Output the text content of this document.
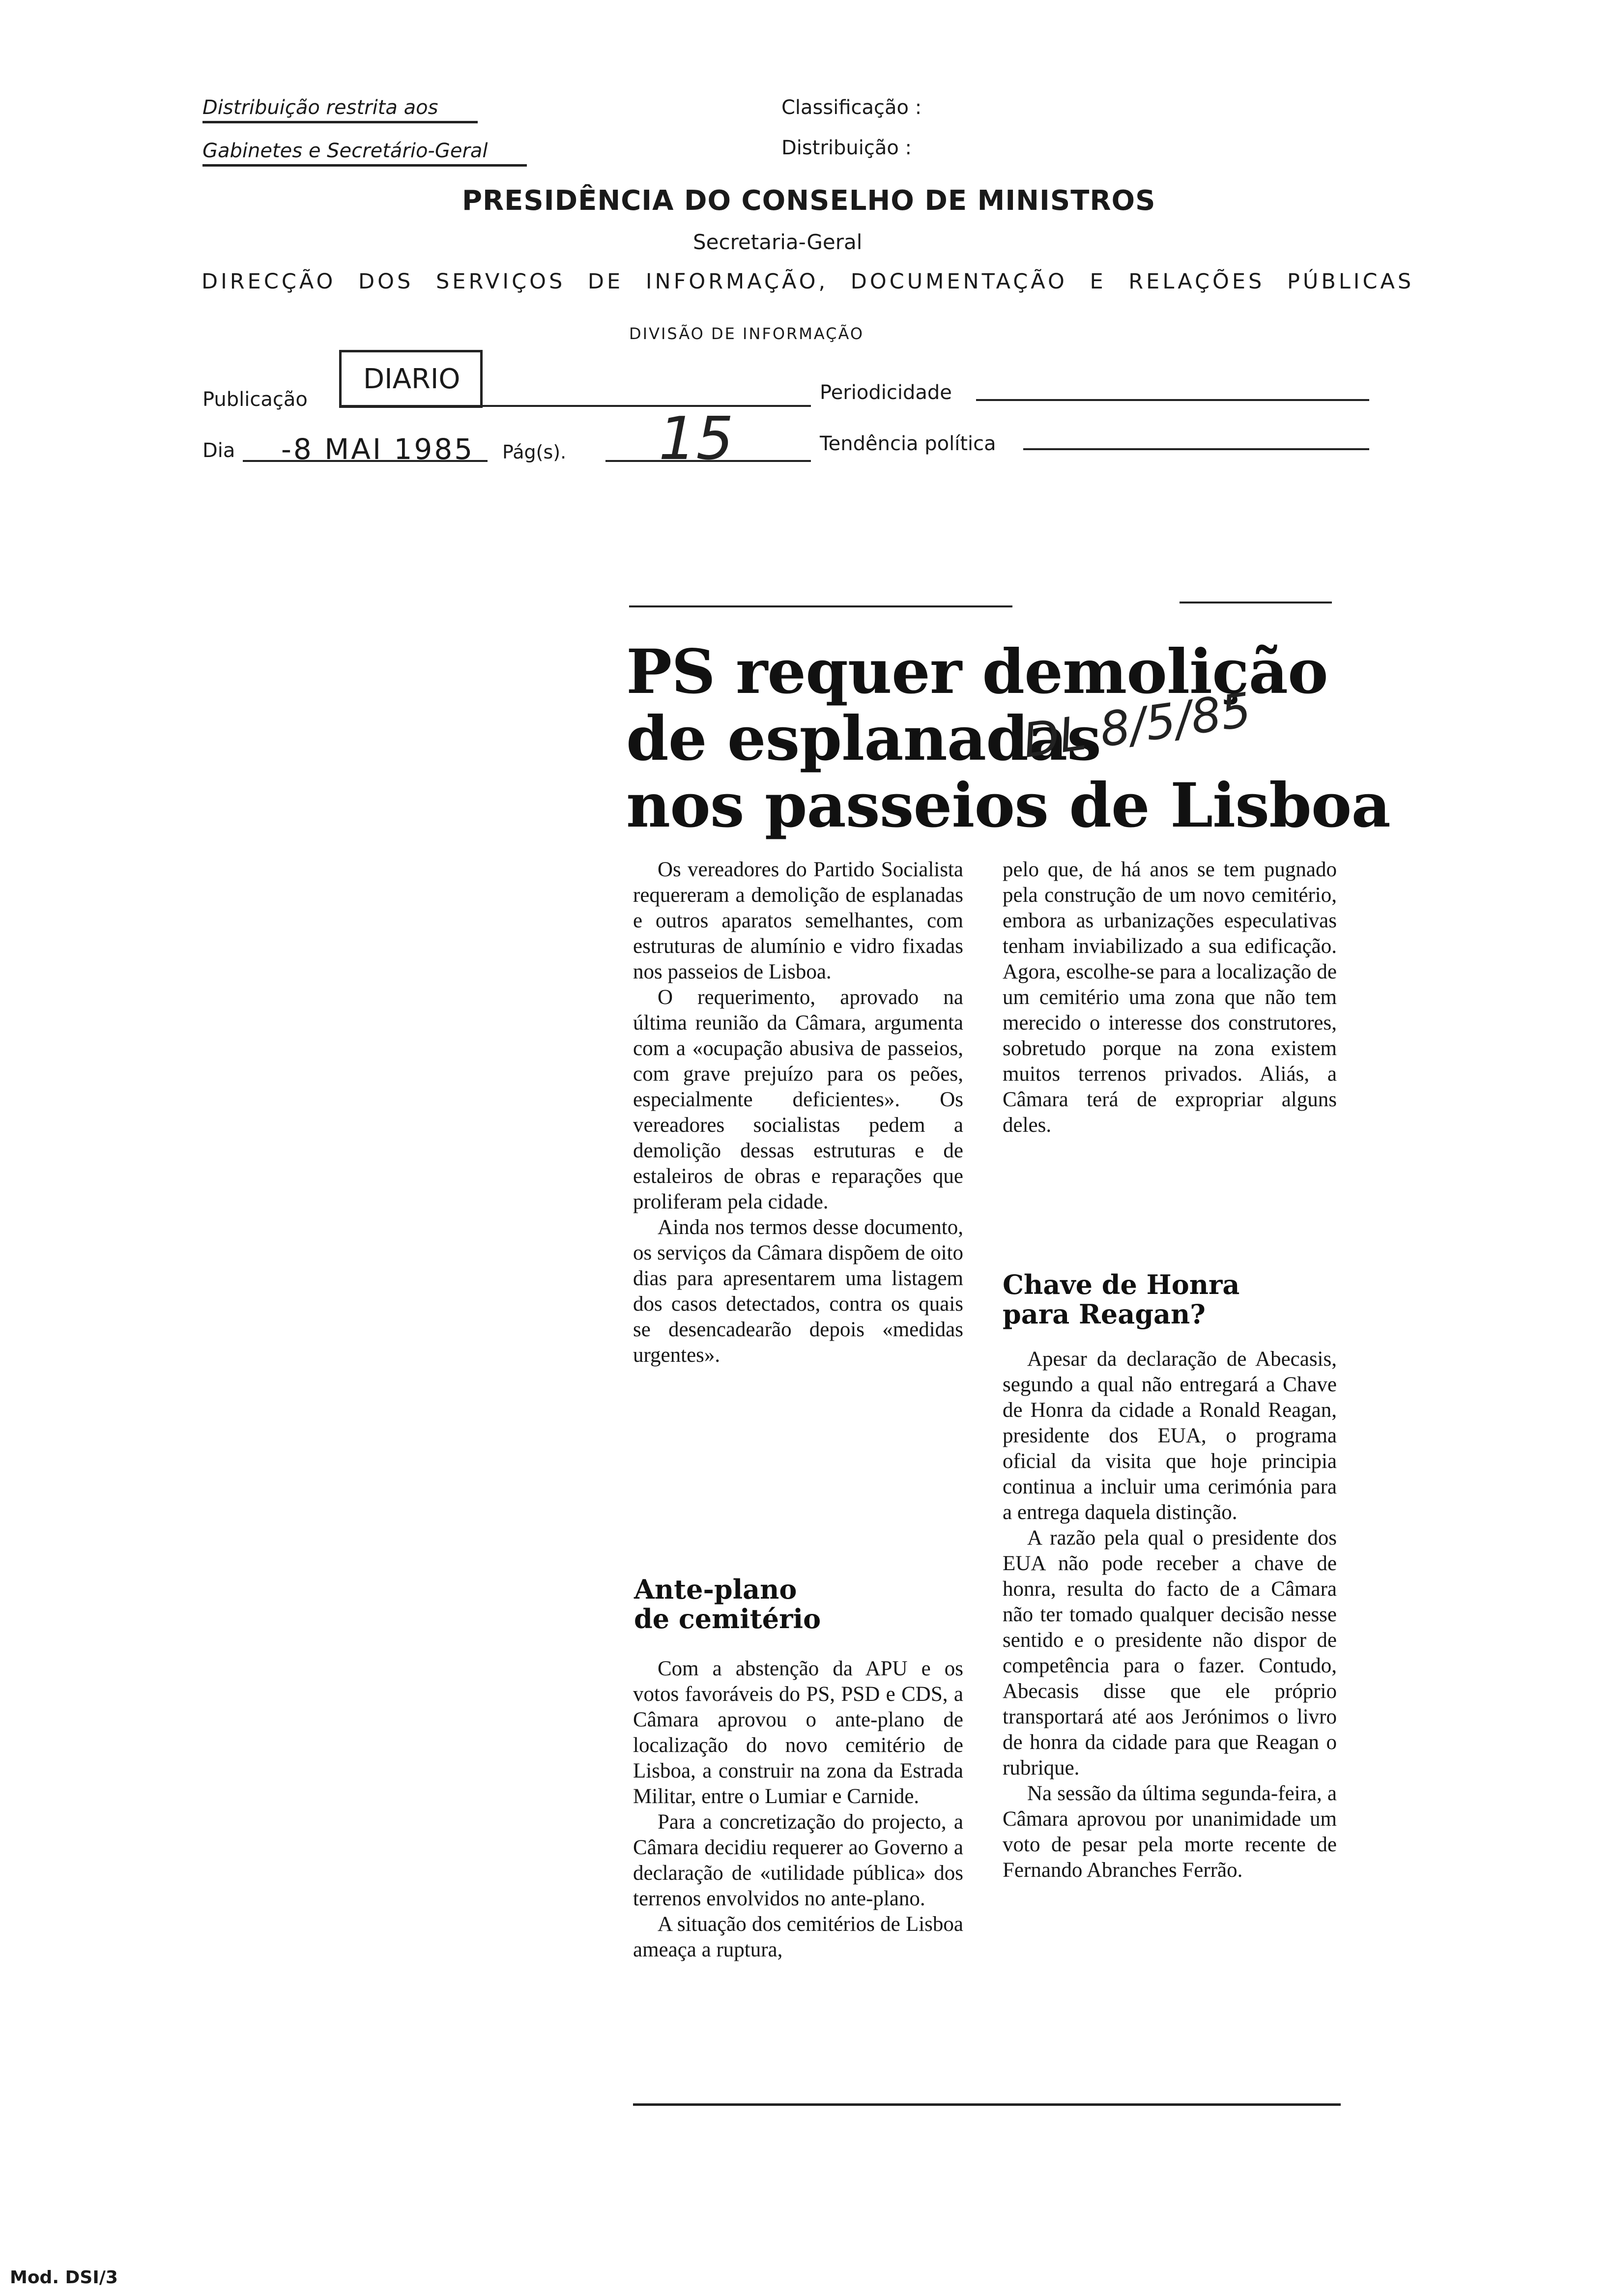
Distribuição restrita aos
Gabinetes e Secretário-Geral
Classificação :
Distribuição :
PRESIDÊNCIA DO CONSELHO DE MINISTROS
Secretaria-Geral
DIRECÇÃO DOS SERVIÇOS DE INFORMAÇÃO, DOCUMENTAÇÃO E RELAÇÕES PÚBLICAS
DIVISÃO DE INFORMAÇÃO
Publicação
DIARIO	Periodicidade
Dia -8 MAI 1985 Pág(s). 15	Tendência política
PS requer demolição
de esplanadas
nos passeios de Lisboa
DL 8/5/85

Os vereadores do Partido Socialista requereram a demolição de esplanadas e outros aparatos semelhantes, com estruturas de alumínio e vidro fixadas nos passeios de Lisboa.

O requerimento, aprovado na última reunião da Câmara, argumenta com a «ocupação abusiva de passeios, com grave prejuízo para os peões, especialmente deficientes». Os vereadores socialistas pedem a demolição dessas estruturas e de estaleiros de obras e reparações que proliferam pela cidade.

Ainda nos termos desse documento, os serviços da Câmara dispõem de oito dias para apresentarem uma listagem dos casos detectados, contra os quais se desencadearão depois «medidas urgentes».

Ante-plano de cemitério

Com a abstenção da APU e os votos favoráveis do PS, PSD e CDS, a Câmara aprovou o ante-plano de localização do novo cemitério de Lisboa, a construir na zona da Estrada Militar, entre o Lumiar e Carnide.

Para a concretização do projecto, a Câmara decidiu requerer ao Governo a declaração de «utilidade pública» dos terrenos envolvidos no ante-plano.

A situação dos cemitérios de Lisboa ameaça a ruptura,

pelo que, de há anos se tem pugnado pela construção de um novo cemitério, embora as urbanizações especulativas tenham inviabilizado a sua edificação. Agora, escolhe-se para a localização de um cemitério uma zona que não tem merecido o interesse dos construtores, sobretudo porque na zona existem muitos terrenos privados. Aliás, a Câmara terá de expropriar alguns deles.

Chave de Honra para Reagan?

Apesar da declaração de Abecasis, segundo a qual não entregará a Chave de Honra da cidade a Ronald Reagan, presidente dos EUA, o programa oficial da visita que hoje principia continua a incluir uma cerimónia para a entrega daquela distinção.

A razão pela qual o presidente dos EUA não pode receber a chave de honra, resulta do facto de a Câmara não ter tomado qualquer decisão nesse sentido e o presidente não dispor de competência para o fazer. Contudo, Abecasis disse que ele próprio transportará até aos Jerónimos o livro de honra da cidade para que Reagan o rubrique.

Na sessão da última segunda-feira, a Câmara aprovou por unanimidade um voto de pesar pela morte recente de Fernando Abranches Ferrão.

Mod. DSI/3
